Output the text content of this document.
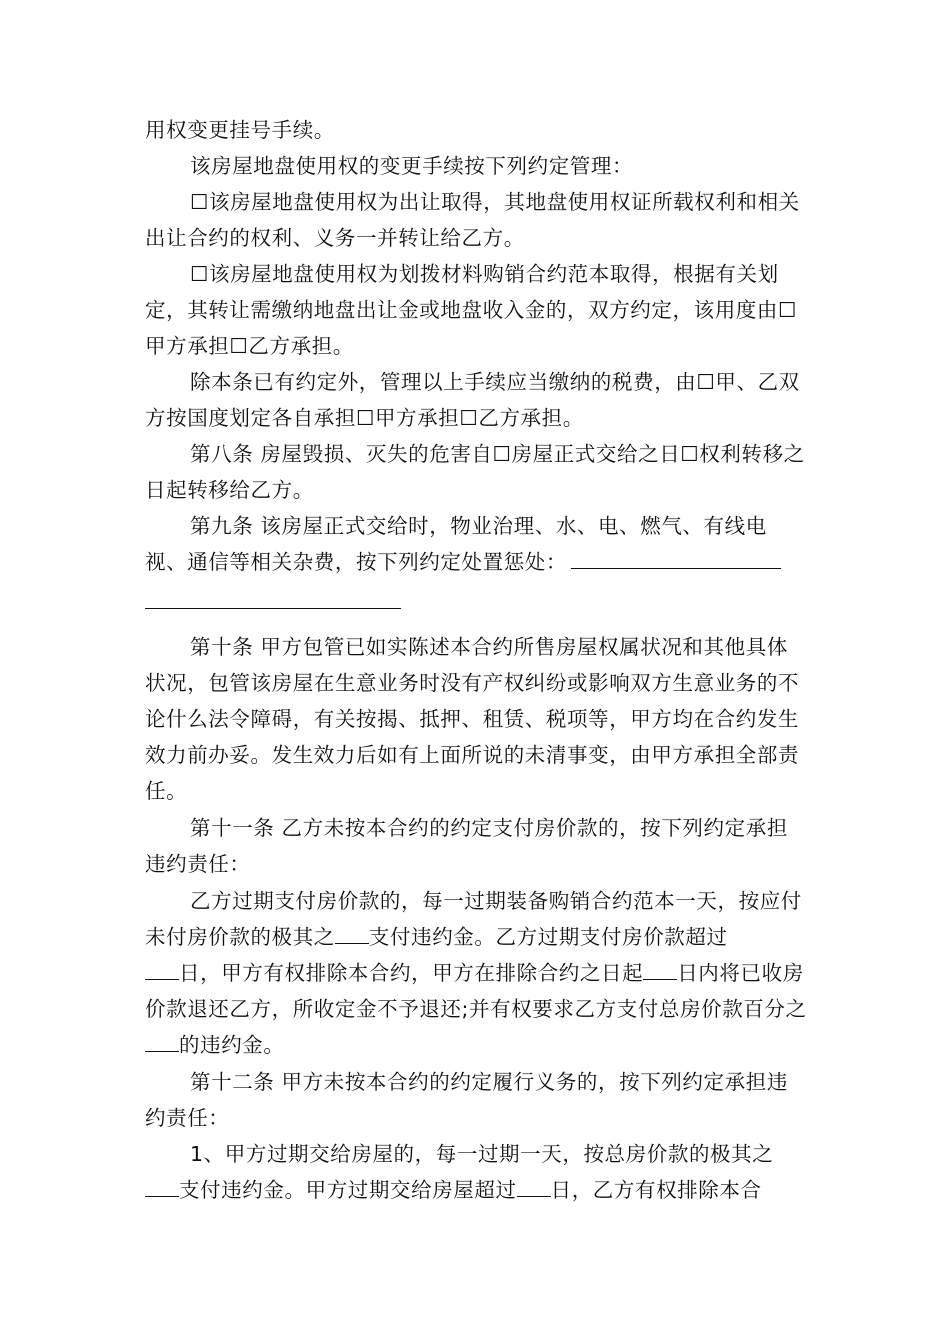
用权变更挂号手续。

该房屋地盘使用权的变更手续按下列约定管理：

☐该房屋地盘使用权为出让取得，其地盘使用权证所载权利和相关出让合约的权利、义务一并转让给乙方。

☐该房屋地盘使用权为划拨材料购销合约范本取得，根据有关划定，其转让需缴纳地盘出让金或地盘收入金的，双方约定，该用度由☐甲方承担☐乙方承担。

除本条已有约定外，管理以上手续应当缴纳的税费，由☐甲、乙双方按国度划定各自承担☐甲方承担☐乙方承担。

第八条 房屋毁损、灭失的危害自☐房屋正式交给之日☐权利转移之日起转移给乙方。

第九条 该房屋正式交给时，物业治理、水、电、燃气、有线电视、通信等相关杂费，按下列约定处置惩处：

第十条 甲方包管已如实陈述本合约所售房屋权属状况和其他具体状况，包管该房屋在生意业务时没有产权纠纷或影响双方生意业务的不论什么法令障碍，有关按揭、抵押、租赁、税项等，甲方均在合约发生效力前办妥。发生效力后如有上面所说的未清事变，由甲方承担全部责任。

第十一条 乙方未按本合约的约定支付房价款的，按下列约定承担违约责任：

乙方过期支付房价款的，每一过期装备购销合约范本一天，按应付未付房价款的极其之 支付违约金。乙方过期支付房价款超过
日，甲方有权排除本合约，甲方在排除合约之日起 日内将已收房价款退还乙方，所收定金不予退还;并有权要求乙方支付总房价款百分之的违约金。

第十二条 甲方未按本合约的约定履行义务的，按下列约定承担违约责任：

1、甲方过期交给房屋的，每一过期一天，按总房价款的极其之
支付违约金。甲方过期交给房屋超过 日，乙方有权排除本合
